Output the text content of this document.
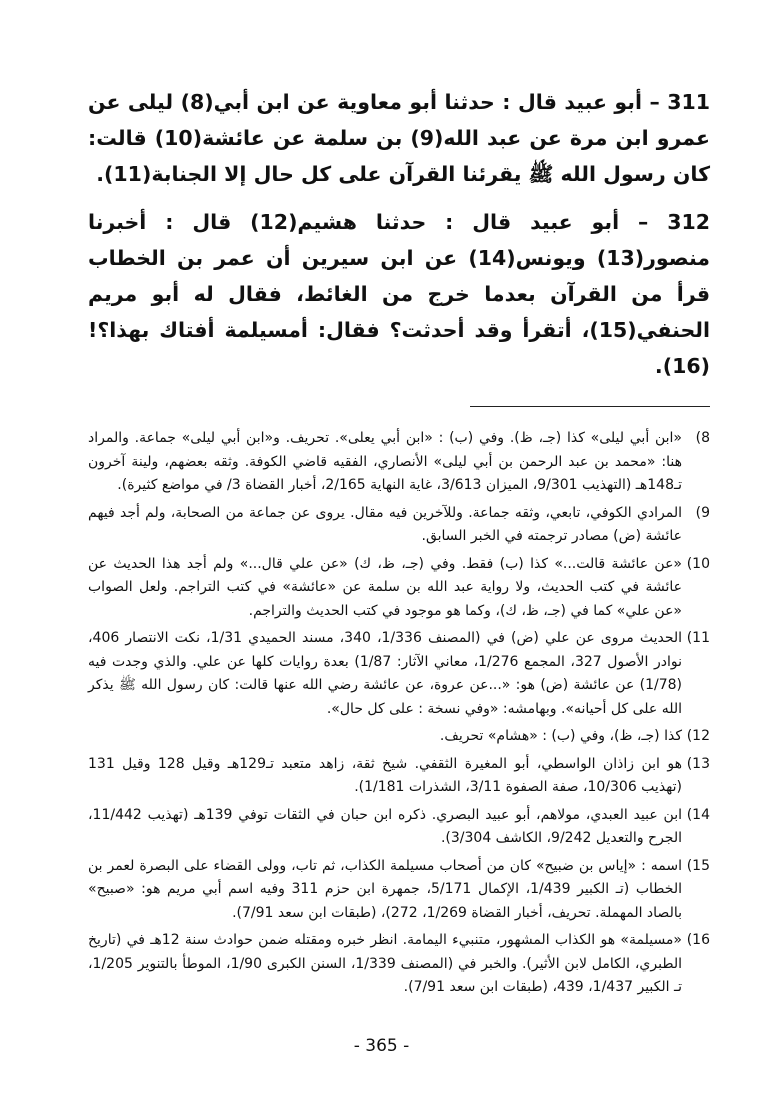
311 – أبو عبيد قال : حدثنا أبو معاوية عن ابن أبي(8) ليلى عن عمرو ابن مرة عن عبد الله(9) بن سلمة عن عائشة(10) قالت: كان رسول الله ﷺ يقرئنا القرآن على كل حال إلا الجنابة(11).

312 – أبو عبيد قال : حدثنا هشيم(12) قال : أخبرنا منصور(13) ويونس(14) عن ابن سيرين أن عمر بن الخطاب قرأ من القرآن بعدما خرج من الغائط، فقال له أبو مريم الحنفي(15)، أتقرأ وقد أحدثت؟ فقال: أمسيلمة أفتاك بهذا؟!(16).

8)
«ابن أبي ليلى» كذا (جـ، ظ). وفي (ب) : «ابن أبي يعلى». تحريف. و«ابن أبي ليلى» جماعة. والمراد هنا: «محمد بن عبد الرحمن بن أبي ليلى» الأنصاري، الفقيه قاضي الكوفة. وثقه بعضهم، ولينة آخرون تـ148هـ (التهذيب 9/301، الميزان 3/613، غاية النهاية 2/165، أخبار القضاة 3/ في مواضع كثيرة).
9)
المرادي الكوفي، تابعي، وثقه جماعة. وللآخرين فيه مقال. يروى عن جماعة من الصحابة، ولم أجد فيهم عائشة (ض) مصادر ترجمته في الخبر السابق.
10)
«عن عائشة قالت...» كذا (ب) فقط. وفي (جـ، ظ، ك) «عن علي قال...» ولم أجد هذا الحديث عن عائشة في كتب الحديث، ولا رواية عبد الله بن سلمة عن «عائشة» في كتب التراجم. ولعل الصواب «عن علي» كما في (جـ، ظ، ك)، وكما هو موجود في كتب الحديث والتراجم.
11)
الحديث مروى عن علي (ض) في (المصنف 1/336، 340، مسند الحميدي 1/31، نكت الانتصار 406، نوادر الأصول 327، المجمع 1/276، معاني الآثار: 1/87) بعدة روايات كلها عن علي. والذي وجدت فيه (1/78) عن عائشة (ض) هو: «...عن عروة، عن عائشة رضي الله عنها قالت: كان رسول الله ﷺ يذكر الله على كل أحيانه». وبهامشه: «وفي نسخة : على كل حال».
12)
كذا (جـ، ظ)، وفي (ب) : «هشام» تحريف.
13)
هو ابن زاذان الواسطي، أبو المغيرة الثقفي. شيخ ثقة، زاهد متعبد تـ129هـ وقيل 128 وقيل 131 (تهذيب 10/306، صفة الصفوة 3/11، الشذرات 1/181).
14)
ابن عبيد العبدي، مولاهم، أبو عبيد البصري. ذكره ابن حبان في الثقات توفي 139هـ (تهذيب 11/442، الجرح والتعديل 9/242، الكاشف 3/304).
15)
اسمه : «إياس بن ضبيح» كان من أصحاب مسيلمة الكذاب، ثم تاب، وولى القضاء على البصرة لعمر بن الخطاب (تـ الكبير 1/439، الإكمال 5/171، جمهرة ابن حزم 311 وفيه اسم أبي مريم هو: «صبيح» بالصاد المهملة. تحريف، أخبار القضاة 1/269، 272)، (طبقات ابن سعد 7/91).
16)
«مسيلمة» هو الكذاب المشهور، متنبيء اليمامة. انظر خبره ومقتله ضمن حوادث سنة 12هـ في (تاريخ الطبري، الكامل لابن الأثير). والخبر في (المصنف 1/339، السنن الكبرى 1/90، الموطأ بالتنوير 1/205، تـ الكبير 1/437، 439، (طبقات ابن سعد 7/91).
- 365 -
